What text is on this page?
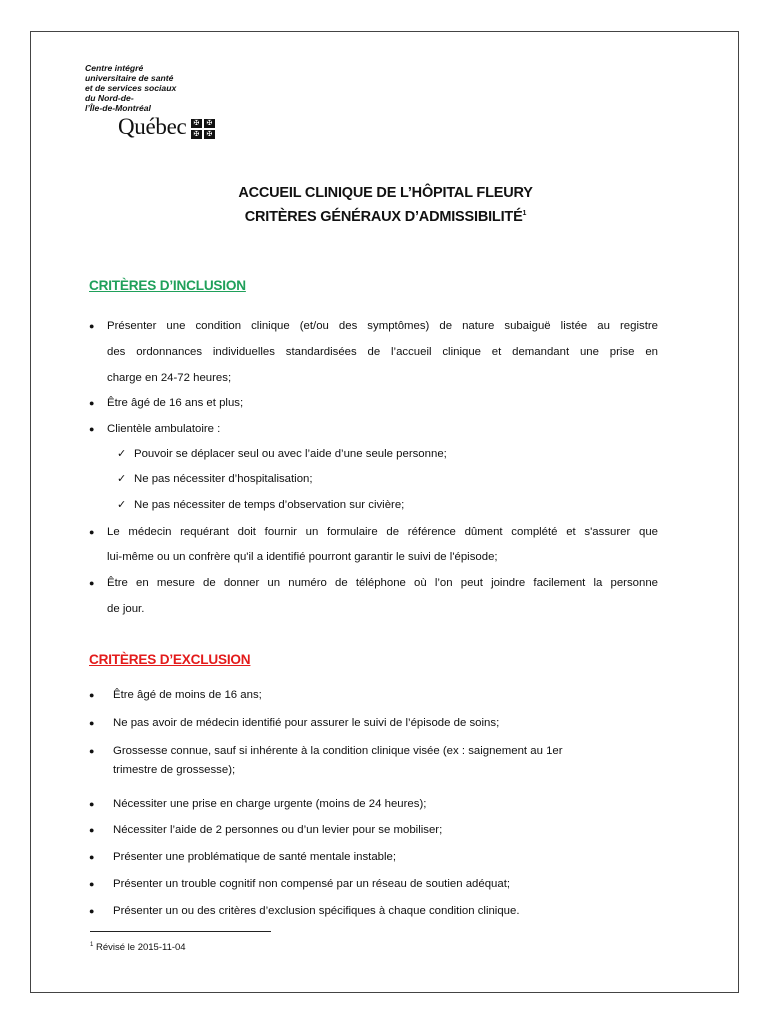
Centre intégré
universitaire de santé
et de services sociaux
du Nord-de-
l’Île-de-Montréal
Québec
✠
✠
✠
✠
ACCUEIL CLINIQUE DE L’HÔPITAL FLEURY
CRITÈRES GÉNÉRAUX D’ADMISSIBILITÉ$^1$
CRITÈRES D’INCLUSION
● Présenter une condition clinique (et/ou des symptômes) de nature subaiguë listée au registre
des ordonnances individuelles standardisées de l’accueil clinique et demandant une prise en
charge en 24-72 heures;
● Être âgé de 16 ans et plus;
● Clientèle ambulatoire :
✓ Pouvoir se déplacer seul ou avec l’aide d’une seule personne;
✓ Ne pas nécessiter d’hospitalisation;
✓ Ne pas nécessiter de temps d’observation sur civière;
● Le médecin requérant doit fournir un formulaire de référence dûment complété et s'assurer que
lui-même ou un confrère qu'il a identifié pourront garantir le suivi de l'épisode;
● Être en mesure de donner un numéro de téléphone où l’on peut joindre facilement la personne
de jour.
CRITÈRES D’EXCLUSION
● Être âgé de moins de 16 ans;
● Ne pas avoir de médecin identifié pour assurer le suivi de l’épisode de soins;
● Grossesse connue, sauf si inhérente à la condition clinique visée (ex : saignement au 1er
trimestre de grossesse);
● Nécessiter une prise en charge urgente (moins de 24 heures);
● Nécessiter l’aide de 2 personnes ou d’un levier pour se mobiliser;
● Présenter une problématique de santé mentale instable;
● Présenter un trouble cognitif non compensé par un réseau de soutien adéquat;
● Présenter un ou des critères d’exclusion spécifiques à chaque condition clinique.
$^1$ Révisé le 2015-11-04
